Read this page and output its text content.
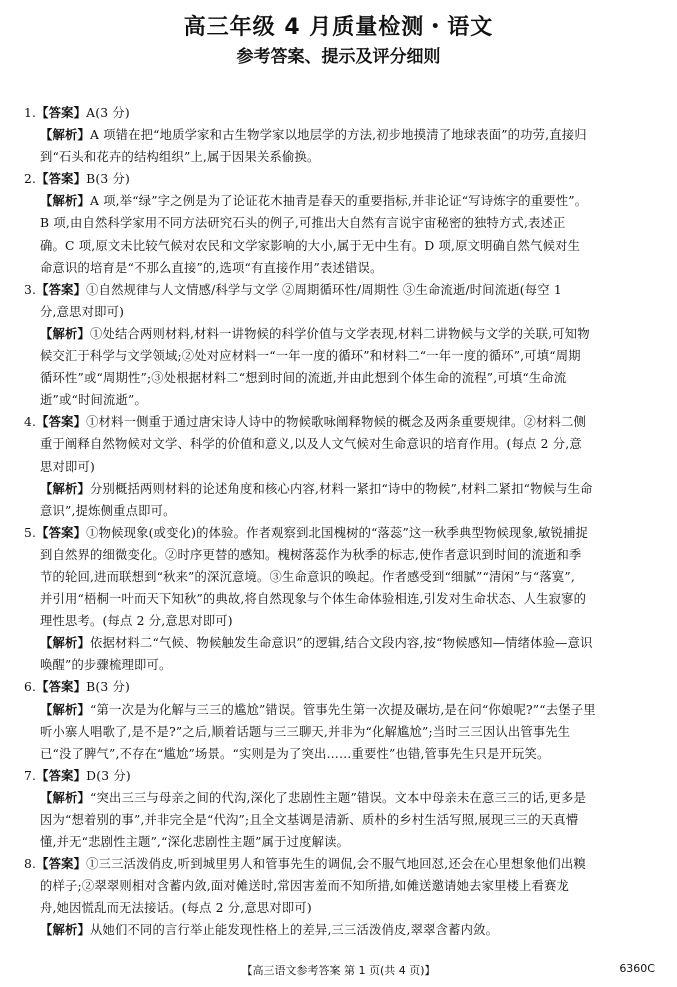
高三年级 4 月质量检测・语文
参考答案、提示及评分细则
1.【答案】A(3 分)
【解析】A 项错在把“地质学家和古生物学家以地层学的方法,初步地摸清了地球表面”的功劳,直接归
到“石头和花卉的结构组织”上,属于因果关系偷换。
2.【答案】B(3 分)
【解析】A 项,举“绿”字之例是为了论证花木抽青是春天的重要指标,并非论证“写诗炼字的重要性”。
B 项,由自然科学家用不同方法研究石头的例子,可推出大自然有言说宇宙秘密的独特方式,表述正
确。C 项,原文未比较气候对农民和文学家影响的大小,属于无中生有。D 项,原文明确自然气候对生
命意识的培育是“不那么直接”的,选项“有直接作用”表述错误。
3.【答案】①自然规律与人文情感/科学与文学 ②周期循环性/周期性 ③生命流逝/时间流逝(每空 1
分,意思对即可)
【解析】①处结合两则材料,材料一讲物候的科学价值与文学表现,材料二讲物候与文学的关联,可知物
候交汇于科学与文学领域;②处对应材料一“一年一度的循环”和材料二“一年一度的循环”,可填“周期
循环性”或“周期性”;③处根据材料二“想到时间的流逝,并由此想到个体生命的流程”,可填“生命流
逝”或“时间流逝”。
4.【答案】①材料一侧重于通过唐宋诗人诗中的物候歌咏阐释物候的概念及两条重要规律。②材料二侧
重于阐释自然物候对文学、科学的价值和意义,以及人文气候对生命意识的培育作用。(每点 2 分,意
思对即可)
【解析】分别概括两则材料的论述角度和核心内容,材料一紧扣“诗中的物候”,材料二紧扣“物候与生命
意识”,提炼侧重点即可。
5.【答案】①物候现象(或变化)的体验。作者观察到北国槐树的“落蕊”这一秋季典型物候现象,敏锐捕捉
到自然界的细微变化。②时序更替的感知。槐树落蕊作为秋季的标志,使作者意识到时间的流逝和季
节的轮回,进而联想到“秋来”的深沉意境。③生命意识的唤起。作者感受到“细腻”“清闲”与“落寞”,
并引用“梧桐一叶而天下知秋”的典故,将自然现象与个体生命体验相连,引发对生命状态、人生寂寥的
理性思考。(每点 2 分,意思对即可)
【解析】依据材料二“气候、物候触发生命意识”的逻辑,结合文段内容,按“物候感知—情绪体验—意识
唤醒”的步骤梳理即可。
6.【答案】B(3 分)
【解析】“第一次是为化解与三三的尴尬”错误。管事先生第一次提及碾坊,是在问“你娘呢?”“去堡子里
听小寨人唱歌了,是不是?”之后,顺着话题与三三聊天,并非为“化解尴尬”;当时三三因认出管事先生
已“没了脾气”,不存在“尴尬”场景。“实则是为了突出……重要性”也错,管事先生只是开玩笑。
7.【答案】D(3 分)
【解析】“突出三三与母亲之间的代沟,深化了悲剧性主题”错误。文本中母亲未在意三三的话,更多是
因为“想着别的事”,并非完全是“代沟”;且全文基调是清新、质朴的乡村生活写照,展现三三的天真懵
懂,并无“悲剧性主题”,“深化悲剧性主题”属于过度解读。
8.【答案】①三三活泼俏皮,听到城里男人和管事先生的调侃,会不服气地回怼,还会在心里想象他们出糗
的样子;②翠翠则相对含蓄内敛,面对傩送时,常因害羞而不知所措,如傩送邀请她去家里楼上看赛龙
舟,她因慌乱而无法接话。(每点 2 分,意思对即可)
【解析】从她们不同的言行举止能发现性格上的差异,三三活泼俏皮,翠翠含蓄内敛。
【高三语文参考答案 第 1 页(共 4 页)】	6360C
